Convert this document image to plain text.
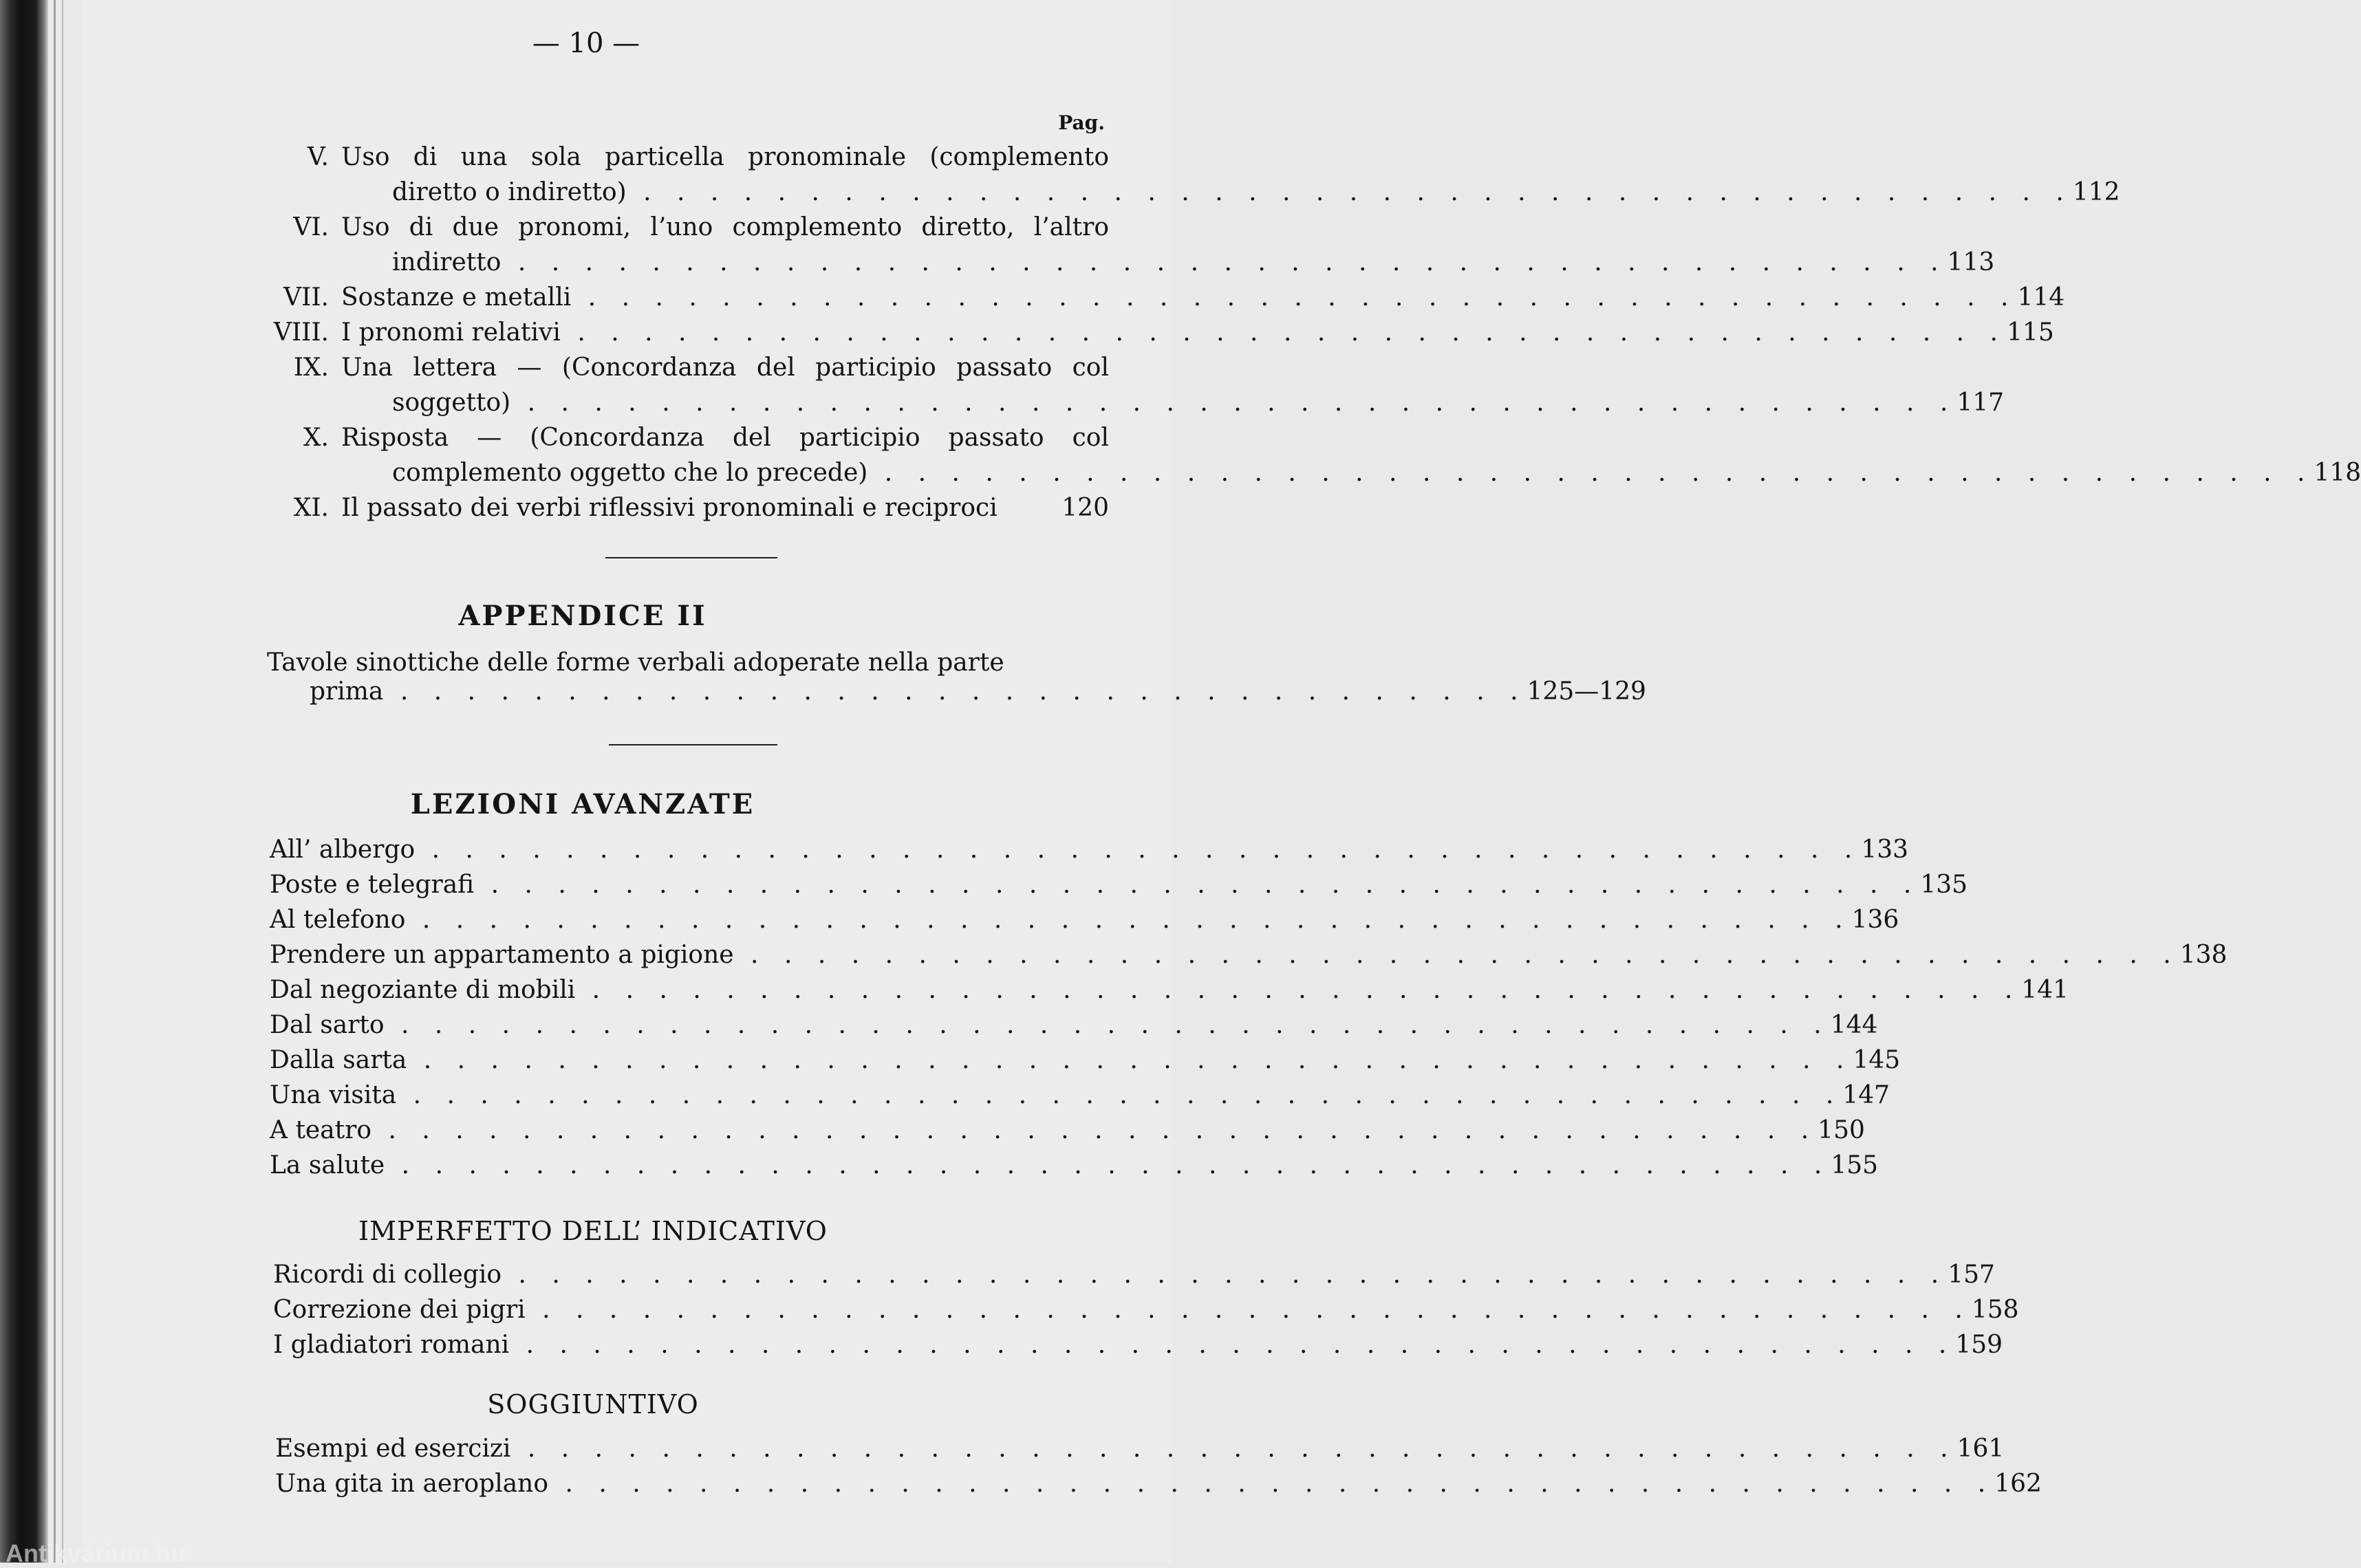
— 10 —
Pag.
V. Uso di una sola particella pronominale (complemento
diretto o indiretto) . . . . . . . . . . . . . . . . . . . . . . . . . . . . . . . . . . . . . . . . . . . 112
VI. Uso di due pronomi, l’uno complemento diretto, l’altro
indiretto . . . . . . . . . . . . . . . . . . . . . . . . . . . . . . . . . . . . . . . . . . . 113
VII. Sostanze e metalli . . . . . . . . . . . . . . . . . . . . . . . . . . . . . . . . . . . . . . . . . . . 114
VIII. I pronomi relativi . . . . . . . . . . . . . . . . . . . . . . . . . . . . . . . . . . . . . . . . . . . 115
IX. Una lettera — (Concordanza del participio passato col
soggetto) . . . . . . . . . . . . . . . . . . . . . . . . . . . . . . . . . . . . . . . . . . . 117
X. Risposta — (Concordanza del participio passato col
complemento oggetto che lo precede) . . . . . . . . . . . . . . . . . . . . . . . . . . . . . . . . . . . . . . . . . . . 118
XI. Il passato dei verbi riflessivi pronominali e reciproci
	120
APPENDICE II
Tavole sinottiche delle forme verbali adoperate nella parte
prima . . . . . . . . . . . . . . . . . . . . . . . . . . . . . . . . . . 125—129
LEZIONI AVANZATE
All’ albergo . . . . . . . . . . . . . . . . . . . . . . . . . . . . . . . . . . . . . . . . . . . 133
Poste e telegrafi . . . . . . . . . . . . . . . . . . . . . . . . . . . . . . . . . . . . . . . . . . . 135
Al telefono . . . . . . . . . . . . . . . . . . . . . . . . . . . . . . . . . . . . . . . . . . . 136
Prendere un appartamento a pigione . . . . . . . . . . . . . . . . . . . . . . . . . . . . . . . . . . . . . . . . . . . 138
Dal negoziante di mobili . . . . . . . . . . . . . . . . . . . . . . . . . . . . . . . . . . . . . . . . . . . 141
Dal sarto . . . . . . . . . . . . . . . . . . . . . . . . . . . . . . . . . . . . . . . . . . . 144
Dalla sarta . . . . . . . . . . . . . . . . . . . . . . . . . . . . . . . . . . . . . . . . . . . 145
Una visita . . . . . . . . . . . . . . . . . . . . . . . . . . . . . . . . . . . . . . . . . . . 147
A teatro . . . . . . . . . . . . . . . . . . . . . . . . . . . . . . . . . . . . . . . . . . . 150
La salute . . . . . . . . . . . . . . . . . . . . . . . . . . . . . . . . . . . . . . . . . . . 155
IMPERFETTO DELL’ INDICATIVO
Ricordi di collegio . . . . . . . . . . . . . . . . . . . . . . . . . . . . . . . . . . . . . . . . . . . 157
Correzione dei pigri . . . . . . . . . . . . . . . . . . . . . . . . . . . . . . . . . . . . . . . . . . . 158
I gladiatori romani . . . . . . . . . . . . . . . . . . . . . . . . . . . . . . . . . . . . . . . . . . . 159
SOGGIUNTIVO
Esempi ed esercizi . . . . . . . . . . . . . . . . . . . . . . . . . . . . . . . . . . . . . . . . . . . 161
Una gita in aeroplano . . . . . . . . . . . . . . . . . . . . . . . . . . . . . . . . . . . . . . . . . . . 162
Antikvárium.hu
